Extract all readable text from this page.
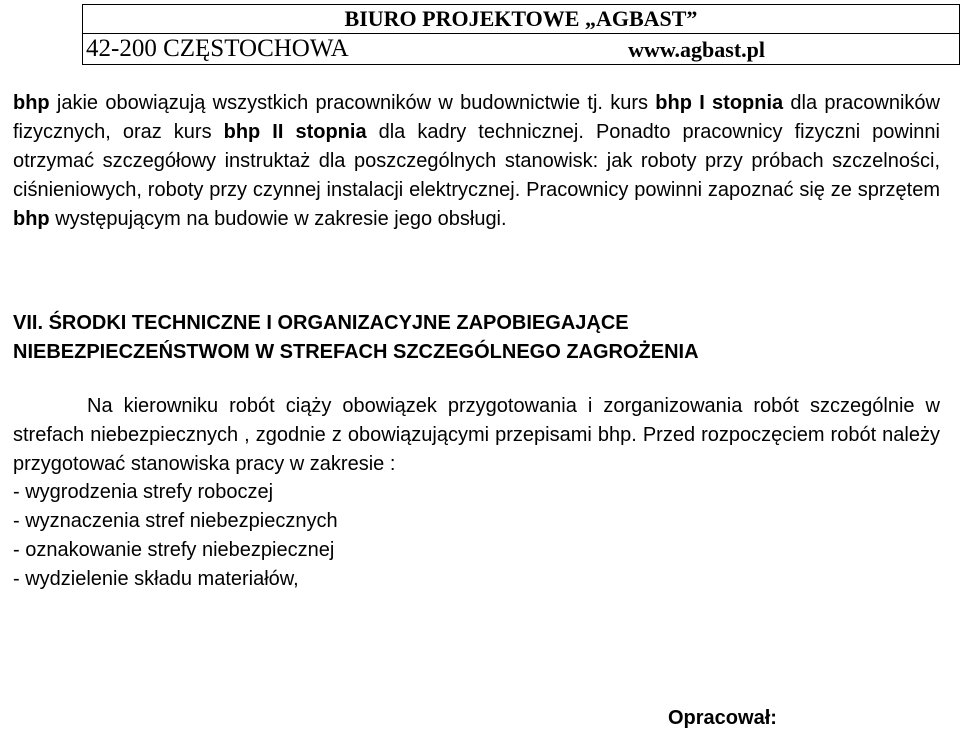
BIURO PROJEKTOWE „AGBAST”
42-200 CZĘSTOCHOWA	www.agbast.pl
bhp jakie obowiązują wszystkich pracowników w budownictwie tj. kurs bhp I stopnia dla pracowników fizycznych, oraz kurs bhp II stopnia dla kadry technicznej. Ponadto pracownicy fizyczni powinni otrzymać szczegółowy instruktaż dla poszczególnych stanowisk: jak roboty przy próbach szczelności, ciśnieniowych, roboty przy czynnej instalacji elektrycznej. Pracownicy powinni zapoznać się ze sprzętem bhp występującym na budowie w zakresie jego obsługi.
VII. ŚRODKI TECHNICZNE I ORGANIZACYJNE ZAPOBIEGAJĄCE
NIEBEZPIECZEŃSTWOM W STREFACH SZCZEGÓLNEGO ZAGROŻENIA
Na kierowniku robót ciąży obowiązek przygotowania i zorganizowania robót szczególnie w strefach niebezpiecznych , zgodnie z obowiązującymi przepisami bhp. Przed rozpoczęciem robót należy przygotować stanowiska pracy w zakresie :
- wygrodzenia strefy roboczej
- wyznaczenia stref niebezpiecznych
- oznakowanie strefy niebezpiecznej
- wydzielenie składu materiałów,
Opracował:
